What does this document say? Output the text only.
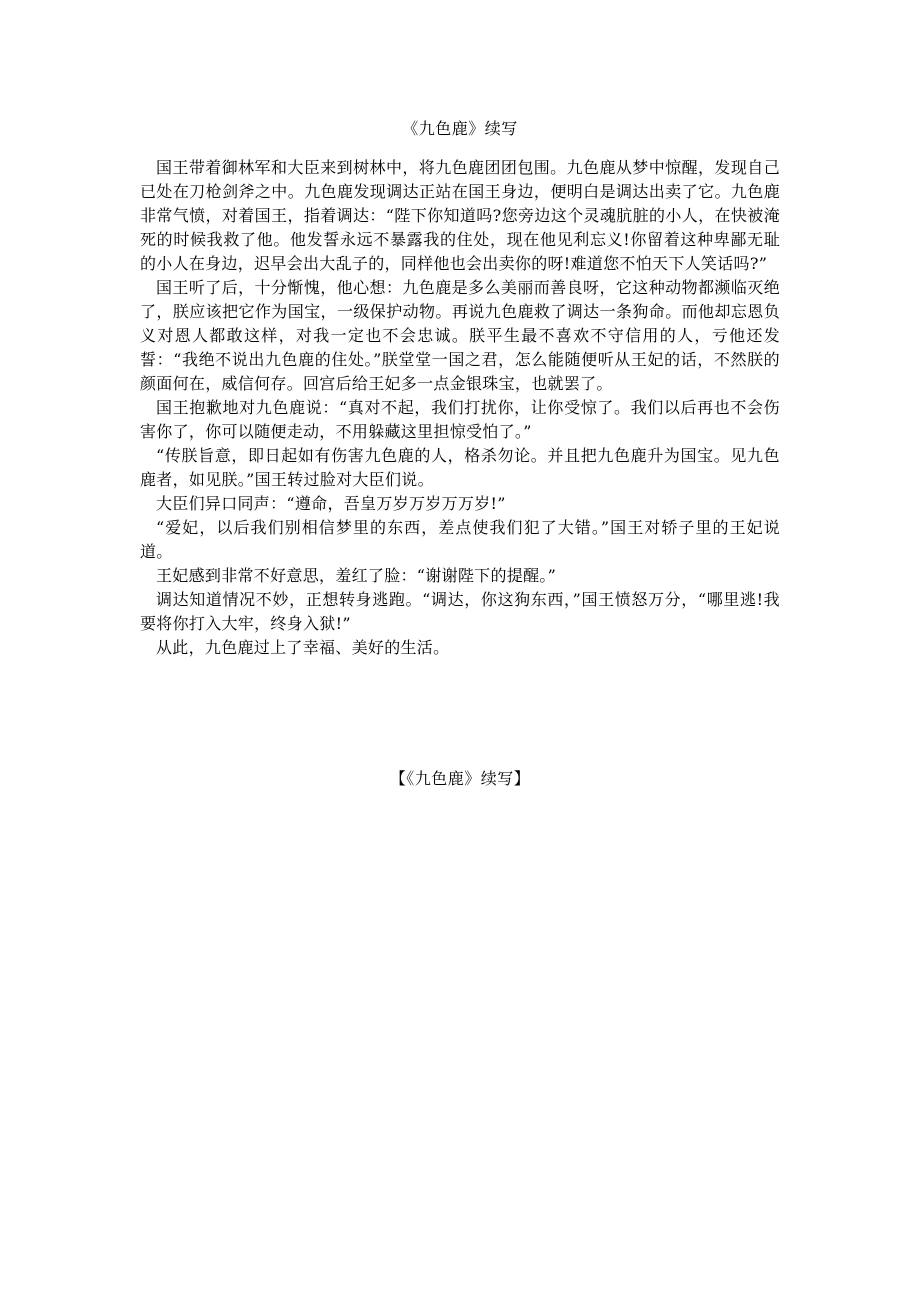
《九色鹿》续写

国王带着御林军和大臣来到树林中，将九色鹿团团包围。九色鹿从梦中惊醒，发现自己已处在刀枪剑斧之中。九色鹿发现调达正站在国王身边，便明白是调达出卖了它。九色鹿非常气愤，对着国王，指着调达：“陛下你知道吗?您旁边这个灵魂肮脏的小人，在快被淹死的时候我救了他。他发誓永远不暴露我的住处，现在他见利忘义!你留着这种卑鄙无耻的小人在身边，迟早会出大乱子的，同样他也会出卖你的呀!难道您不怕天下人笑话吗?”

国王听了后，十分惭愧，他心想：九色鹿是多么美丽而善良呀，它这种动物都濒临灭绝了，朕应该把它作为国宝，一级保护动物。再说九色鹿救了调达一条狗命。而他却忘恩负义对恩人都敢这样，对我一定也不会忠诚。朕平生最不喜欢不守信用的人，亏他还发誓：“我绝不说出九色鹿的住处。”朕堂堂一国之君，怎么能随便听从王妃的话，不然朕的颜面何在，威信何存。回宫后给王妃多一点金银珠宝，也就罢了。

国王抱歉地对九色鹿说：“真对不起，我们打扰你，让你受惊了。我们以后再也不会伤害你了，你可以随便走动，不用躲藏这里担惊受怕了。”

“传朕旨意，即日起如有伤害九色鹿的人，格杀勿论。并且把九色鹿升为国宝。见九色鹿者，如见朕。”国王转过脸对大臣们说。

大臣们异口同声：“遵命，吾皇万岁万岁万万岁!”

“爱妃，以后我们别相信梦里的东西，差点使我们犯了大错。”国王对轿子里的王妃说道。

王妃感到非常不好意思，羞红了脸：“谢谢陛下的提醒。”

调达知道情况不妙，正想转身逃跑。“调达，你这狗东西，”国王愤怒万分，“哪里逃!我要将你打入大牢，终身入狱!”

从此，九色鹿过上了幸福、美好的生活。

【《九色鹿》续写】
